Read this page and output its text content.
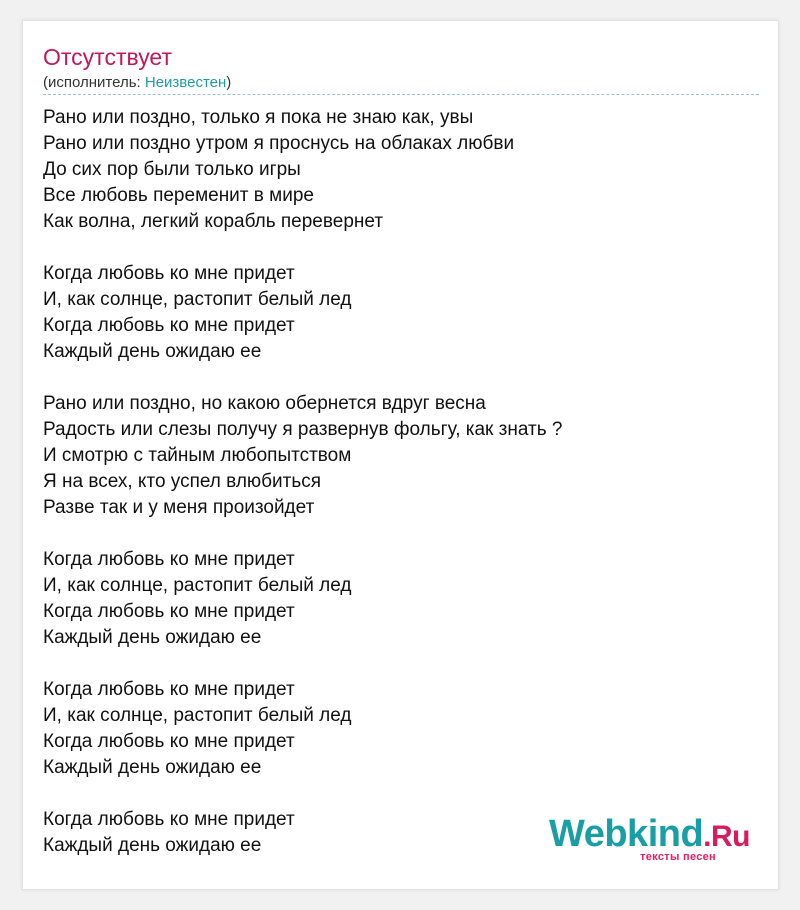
Отсутствует
(исполнитель: Неизвестен)
Рано или поздно, только я пока не знаю как, увы
Рано или поздно утром я проснусь на облаках любви
До сих пор были только игры
Все любовь переменит в мире
Как волна, легкий корабль перевернет
Когда любовь ко мне придет
И, как солнце, растопит белый лед
Когда любовь ко мне придет
Каждый день ожидаю ее
Рано или поздно, но какою обернется вдруг весна
Радость или слезы получу я развернув фольгу, как знать ?
И смотрю с тайным любопытством
Я на всех, кто успел влюбиться
Разве так и у меня произойдет
Когда любовь ко мне придет
И, как солнце, растопит белый лед
Когда любовь ко мне придет
Каждый день ожидаю ее
Когда любовь ко мне придет
И, как солнце, растопит белый лед
Когда любовь ко мне придет
Каждый день ожидаю ее
Когда любовь ко мне придет
Каждый день ожидаю ее	Webkind.Ru
тексты песен
